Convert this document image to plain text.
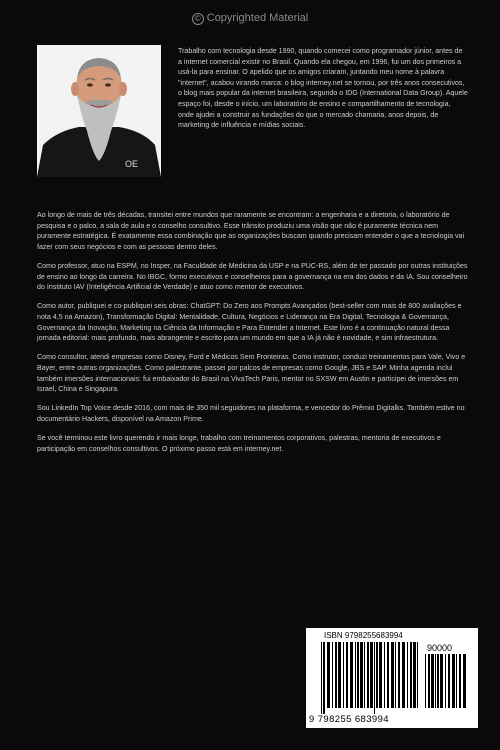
© Copyrighted Material
OE

Trabalho com tecnologia desde 1990, quando comecei como programador júnior, antes de a internet comercial existir no Brasil. Quando ela chegou, em 1996, fui um dos primeiros a usá-la para ensinar. O apelido que os amigos criaram, juntando meu nome à palavra "internet", acabou virando marca: o blog interney.net se tornou, por três anos consecutivos, o blog mais popular da internet brasileira, segundo o IDG (International Data Group). Aquele espaço foi, desde o início, um laboratório de ensino e compartilhamento de tecnologia, onde ajudei a construir as fundações do que o mercado chamaria, anos depois, de marketing de influência e mídias sociais.

Ao longo de mais de três décadas, transitei entre mundos que raramente se encontram: a engenharia e a diretoria, o laboratório de pesquisa e o palco, a sala de aula e o conselho consultivo. Esse trânsito produziu uma visão que não é puramente técnica nem puramente estratégica. É exatamente essa combinação que as organizações buscam quando precisam entender o que a tecnologia vai fazer com seus negócios e com as pessoas dentro deles.

Como professor, atuo na ESPM, no Insper, na Faculdade de Medicina da USP e na PUC-RS, além de ter passado por outras instituições de ensino ao longo da carreira. No IBGC, formo executivos e conselheiros para a governança na era dos dados e da IA. Sou conselheiro do Instituto IAV (Inteligência Artificial de Verdade) e atuo como mentor de executivos.

Como autor, publiquei e co-publiquei seis obras: ChatGPT: Do Zero aos Prompts Avançados (best-seller com mais de 800 avaliações e nota 4,5 na Amazon), Transformação Digital: Mentalidade, Cultura, Negócios e Liderança na Era Digital, Tecnologia & Governança, Governança da Inovação, Marketing na Ciência da Informação e Para Entender a Internet. Este livro é a continuação natural dessa jornada editorial: mais profundo, mais abrangente e escrito para um mundo em que a IA já não é novidade, e sim infraestrutura.

Como consultor, atendi empresas como Disney, Ford e Médicos Sem Fronteiras. Como instrutor, conduzi treinamentos para Vale, Vivo e Bayer, entre outras organizações. Como palestrante, passei por palcos de empresas como Google, JBS e SAP. Minha agenda inclui também imersões internacionais: fui embaixador do Brasil na VivaTech Paris, mentor no SXSW em Austin e participei de imersões em Israel, China e Singapura.

Sou LinkedIn Top Voice desde 2016, com mais de 350 mil seguidores na plataforma, e vencedor do Prêmio Digitalks. Também estive no documentário Hackers, disponível na Amazon Prime.

Se você terminou este livro querendo ir mais longe, trabalho com treinamentos corporativos, palestras, mentoria de executivos e participação em conselhos consultivos. O próximo passo está em interney.net.

ISBN 9798255683994
90000
9 798255 683994
